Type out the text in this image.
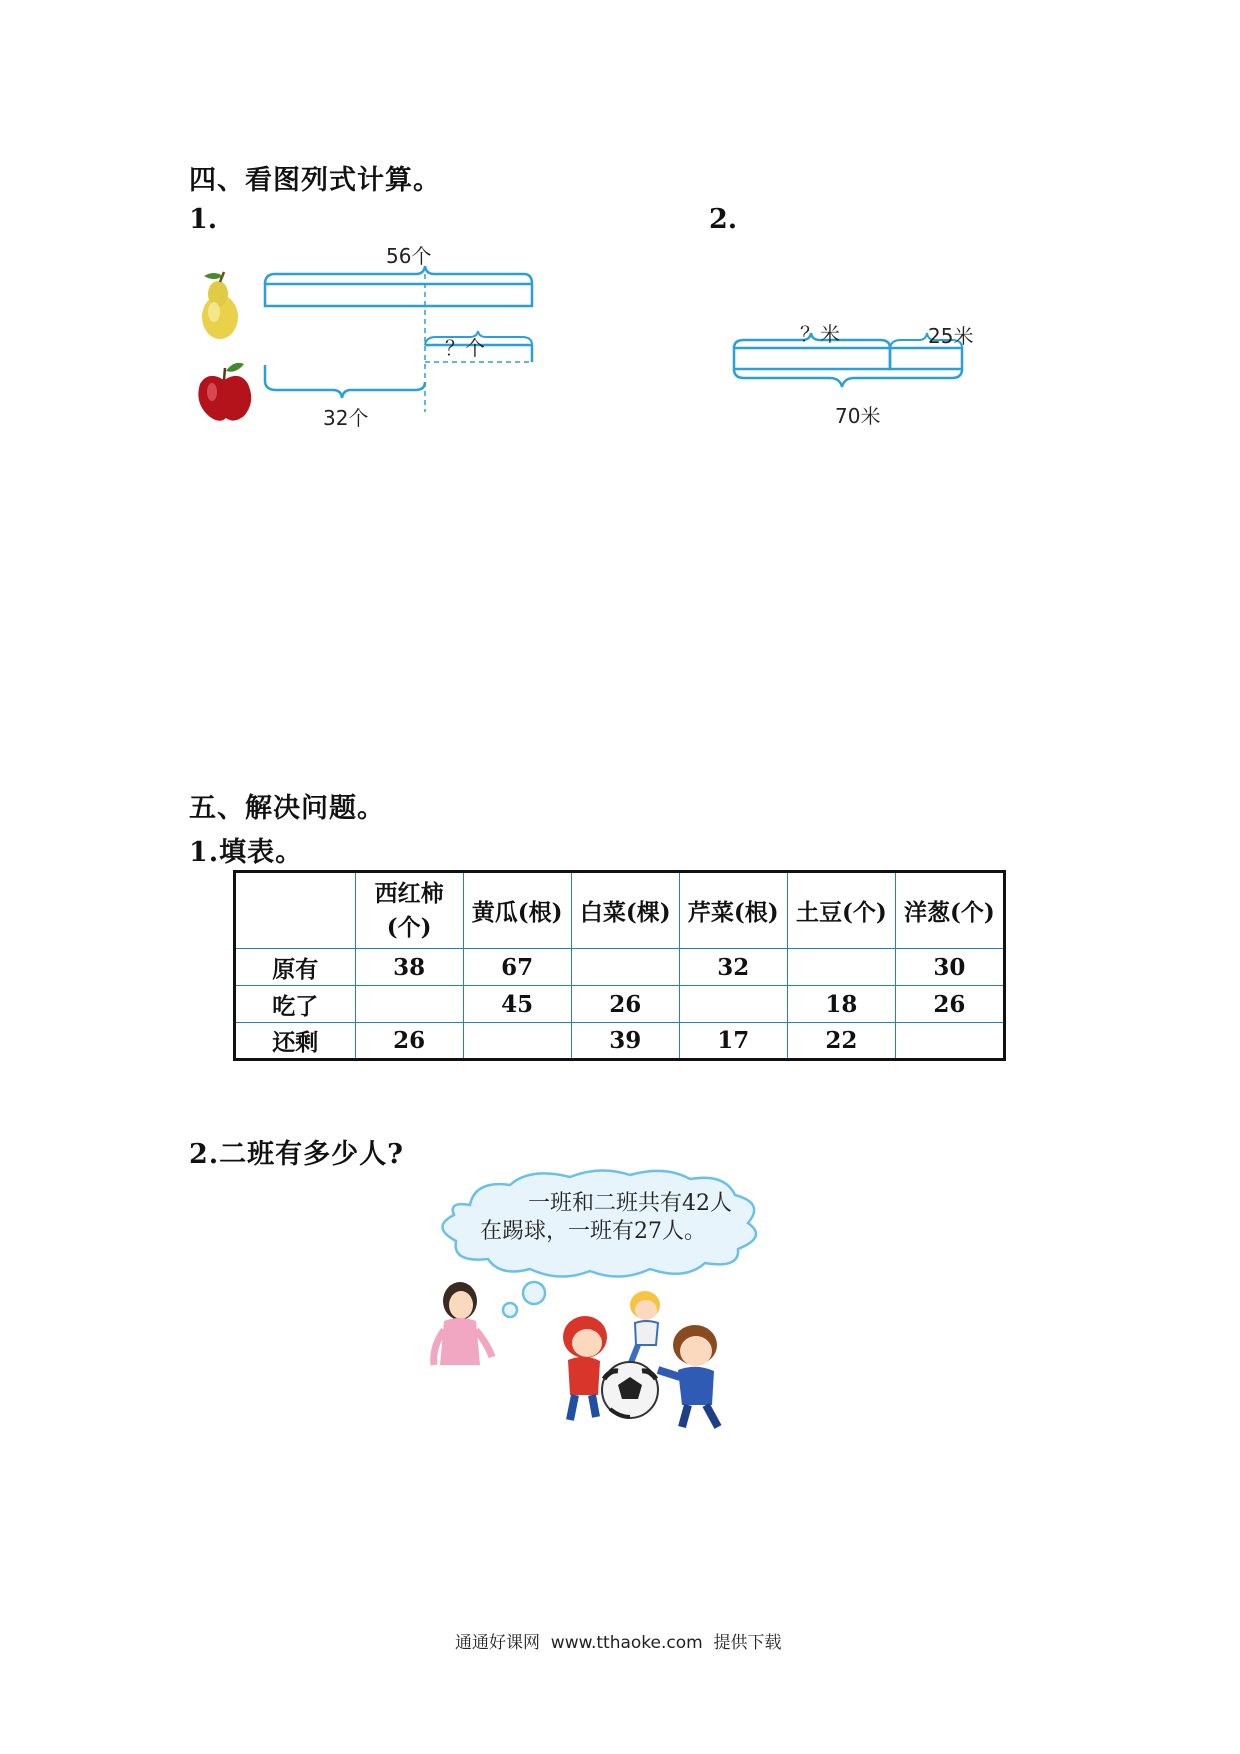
四、看图列式计算。
1.	2.
56个
？个
32个
？米	25米
70米
五、解决问题。
1.填表。

	西红柿
(个)	黄瓜(根)	白菜(棵)	芹菜(根)	土豆(个)	洋葱(个)
原有	38	67		32		30
吃了		45	26		18	26
还剩	26		39	17	22	
2.二班有多少人?
一班和二班共有42人
在踢球，一班有27人。
通通好课网  www.tthaoke.com  提供下载
